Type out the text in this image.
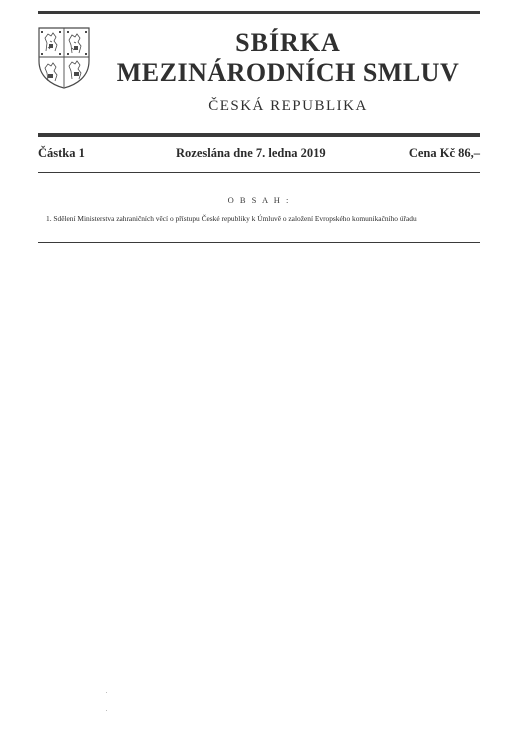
SBÍRKA
MEZINÁRODNÍCH SMLUV
ČESKÁ REPUBLIKA
Částka 1	Rozeslána dne 7. ledna 2019	Cena Kč 86,–
O B S A H :
1. Sdělení Ministerstva zahraničních věcí o přístupu České republiky k Úmluvě o založení Evropského komunikačního úřadu
